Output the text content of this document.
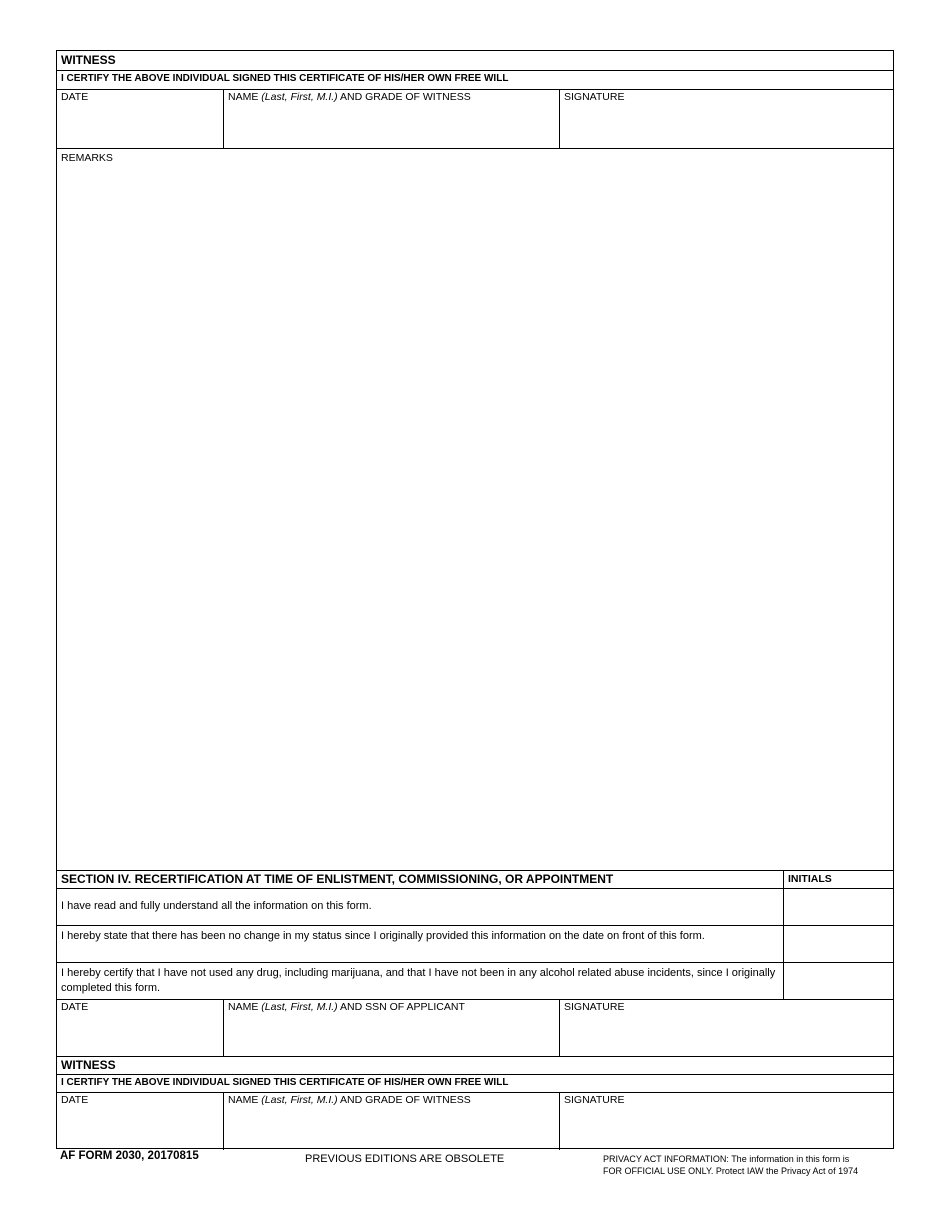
WITNESS
I CERTIFY THE ABOVE INDIVIDUAL SIGNED THIS CERTIFICATE OF HIS/HER OWN FREE WILL
DATE	NAME (Last, First, M.I.) AND GRADE OF WITNESS	SIGNATURE
REMARKS
SECTION IV. RECERTIFICATION AT TIME OF ENLISTMENT, COMMISSIONING, OR APPOINTMENT	INITIALS
I have read and fully understand all the information on this form.
I hereby state that there has been no change in my status since I originally provided this information on the date on front of this form.
I hereby certify that I have not used any drug, including marijuana, and that I have not been in any alcohol related abuse incidents, since I originally completed this form.
DATE	NAME (Last, First, M.I.) AND SSN OF APPLICANT	SIGNATURE
WITNESS
I CERTIFY THE ABOVE INDIVIDUAL SIGNED THIS CERTIFICATE OF HIS/HER OWN FREE WILL
DATE	NAME (Last, First, M.I.) AND GRADE OF WITNESS	SIGNATURE
AF FORM 2030, 20170815	PREVIOUS EDITIONS ARE OBSOLETE	PRIVACY ACT INFORMATION: The information in this form is
FOR OFFICIAL USE ONLY. Protect IAW the Privacy Act of 1974
